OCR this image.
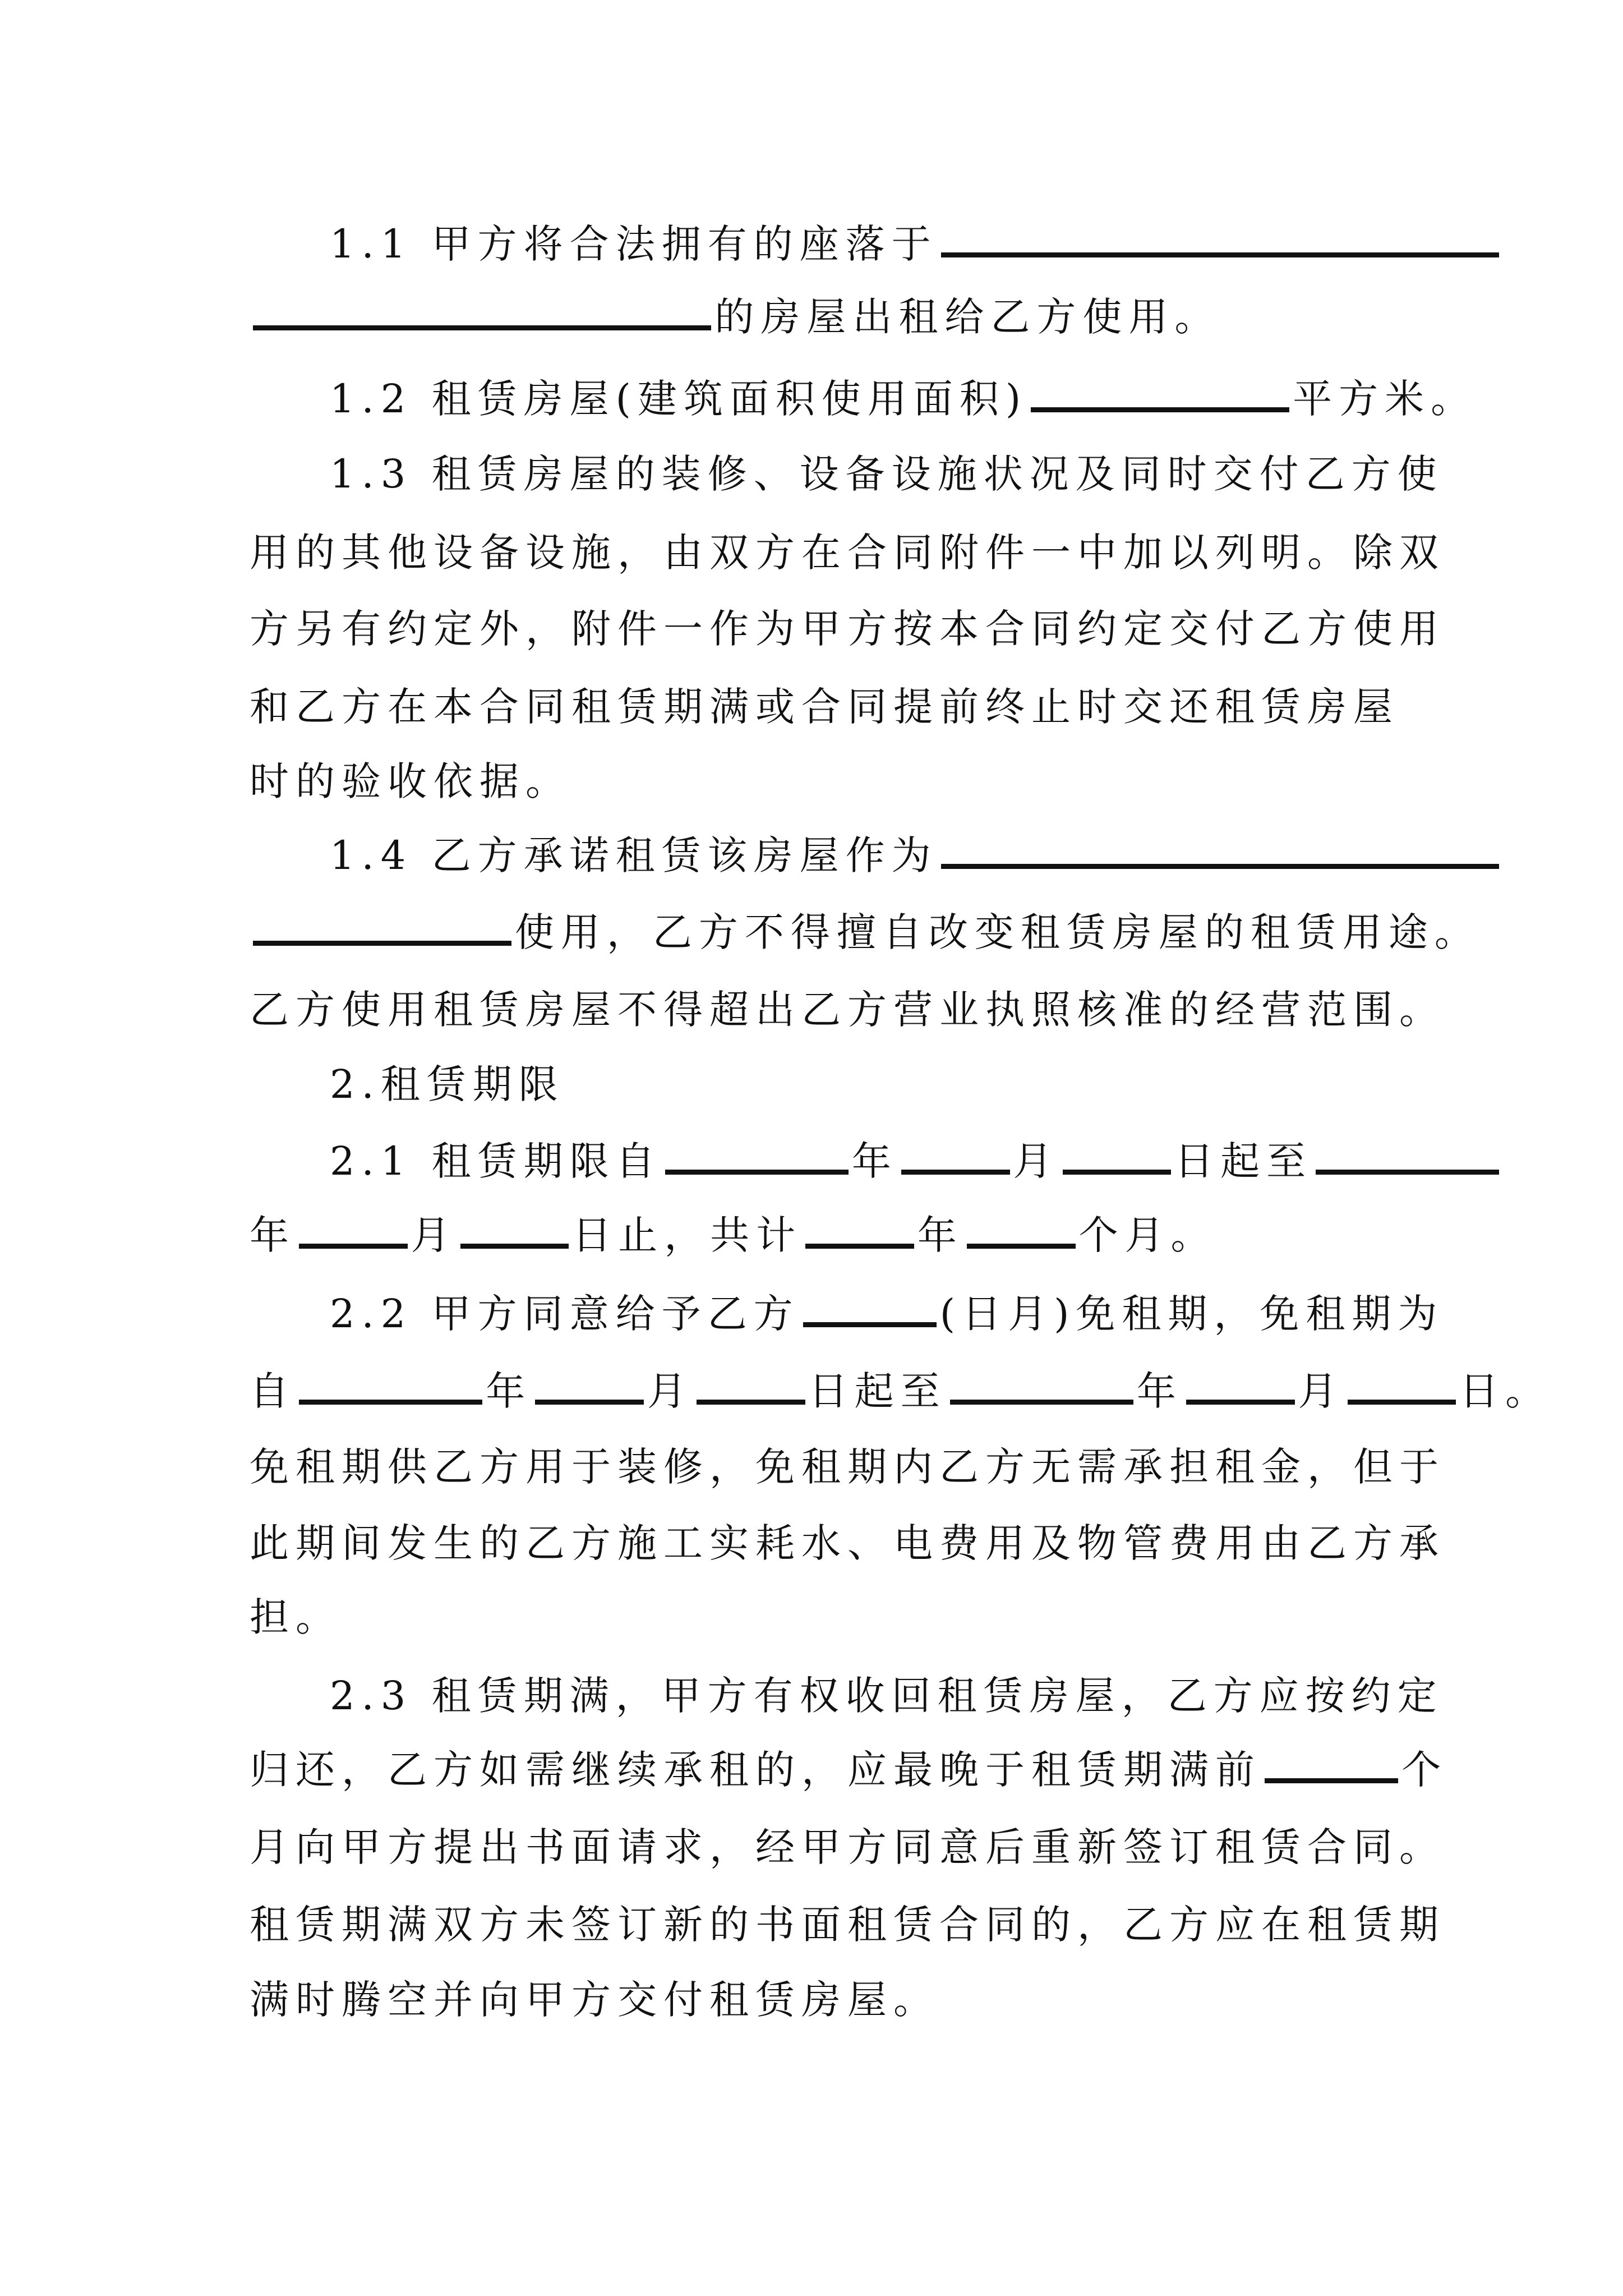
1.1 甲方将合法拥有的座落于

的房屋出租给乙方使用。

1.2 租赁房屋(建筑面积使用面积)	平方米。

1.3 租赁房屋的装修、设备设施状况及同时交付乙方使

用的其他设备设施，由双方在合同附件一中加以列明。除双

方另有约定外，附件一作为甲方按本合同约定交付乙方使用

和乙方在本合同租赁期满或合同提前终止时交还租赁房屋

时的验收依据。

1.4 乙方承诺租赁该房屋作为

使用，乙方不得擅自改变租赁房屋的租赁用途。

乙方使用租赁房屋不得超出乙方营业执照核准的经营范围。

2.租赁期限

2.1 租赁期限自	年	月	日起至

年	月	日止，共计	年	个月。

2.2 甲方同意给予乙方	(日月)免租期，免租期为

自	年	月	日起至	年	月	日。

免租期供乙方用于装修，免租期内乙方无需承担租金，但于

此期间发生的乙方施工实耗水、电费用及物管费用由乙方承

担。

2.3 租赁期满，甲方有权收回租赁房屋，乙方应按约定

归还，乙方如需继续承租的，应最晚于租赁期满前	个

月向甲方提出书面请求，经甲方同意后重新签订租赁合同。

租赁期满双方未签订新的书面租赁合同的，乙方应在租赁期

满时腾空并向甲方交付租赁房屋。
